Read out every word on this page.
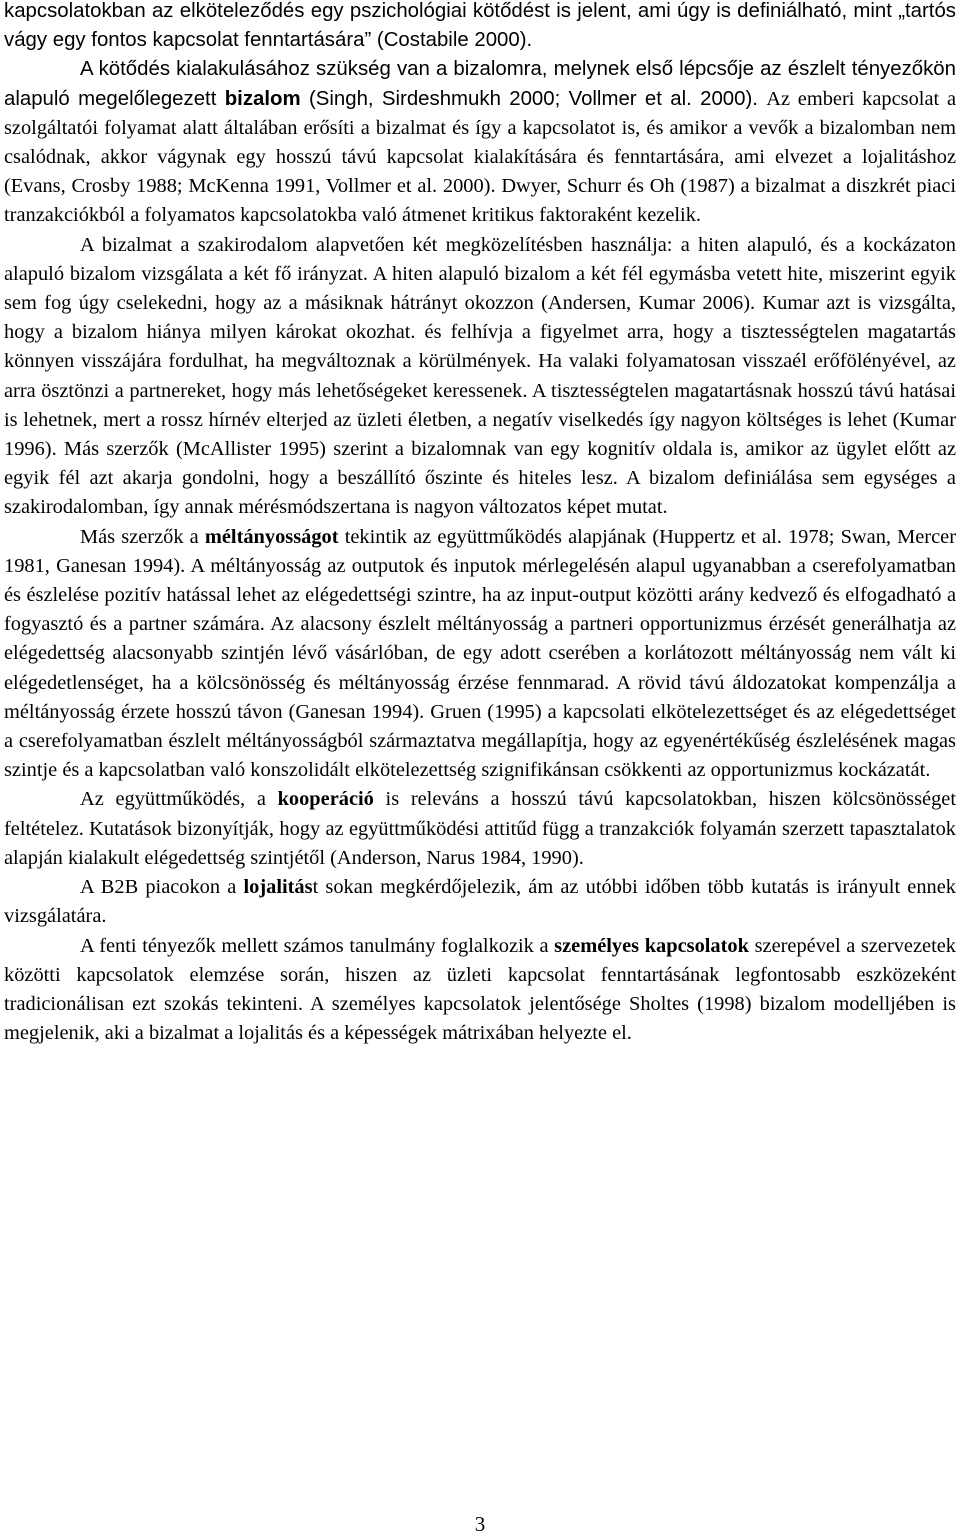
kapcsolatokban az elköteleződés egy pszichológiai kötődést is jelent, ami úgy is definiálható, mint „tartós vágy egy fontos kapcsolat fenntartására” (Costabile 2000).

A kötődés kialakulásához szükség van a bizalomra, melynek első lépcsője az észlelt tényezőkön alapuló megelőlegezett bizalom (Singh, Sirdeshmukh 2000; Vollmer et al. 2000). Az emberi kapcsolat a szolgáltatói folyamat alatt általában erősíti a bizalmat és így a kapcsolatot is, és amikor a vevők a bizalomban nem csalódnak, akkor vágynak egy hosszú távú kapcsolat kialakítására és fenntartására, ami elvezet a lojalitáshoz (Evans, Crosby 1988; McKenna 1991, Vollmer et al. 2000). Dwyer, Schurr és Oh (1987) a bizalmat a diszkrét piaci tranzakciókból a folyamatos kapcsolatokba való átmenet kritikus faktoraként kezelik.

A bizalmat a szakirodalom alapvetően két megközelítésben használja: a hiten alapuló, és a kockázaton alapuló bizalom vizsgálata a két fő irányzat. A hiten alapuló bizalom a két fél egymásba vetett hite, miszerint egyik sem fog úgy cselekedni, hogy az a másiknak hátrányt okozzon (Andersen, Kumar 2006). Kumar azt is vizsgálta, hogy a bizalom hiánya milyen károkat okozhat. és felhívja a figyelmet arra, hogy a tisztességtelen magatartás könnyen visszájára fordulhat, ha megváltoznak a körülmények. Ha valaki folyamatosan visszaél erőfölényével, az arra ösztönzi a partnereket, hogy más lehetőségeket keressenek. A tisztességtelen magatartásnak hosszú távú hatásai is lehetnek, mert a rossz hírnév elterjed az üzleti életben, a negatív viselkedés így nagyon költséges is lehet (Kumar 1996). Más szerzők (McAllister 1995) szerint a bizalomnak van egy kognitív oldala is, amikor az ügylet előtt az egyik fél azt akarja gondolni, hogy a beszállító őszinte és hiteles lesz. A bizalom definiálása sem egységes a szakirodalomban, így annak mérésmódszertana is nagyon változatos képet mutat.

Más szerzők a méltányosságot tekintik az együttműködés alapjának (Huppertz et al. 1978; Swan, Mercer 1981, Ganesan 1994). A méltányosság az outputok és inputok mérlegelésén alapul ugyanabban a cserefolyamatban és észlelése pozitív hatással lehet az elégedettségi szintre, ha az input-output közötti arány kedvező és elfogadható a fogyasztó és a partner számára. Az alacsony észlelt méltányosság a partneri opportunizmus érzését generálhatja az elégedettség alacsonyabb szintjén lévő vásárlóban, de egy adott cserében a korlátozott méltányosság nem vált ki elégedetlenséget, ha a kölcsönösség és méltányosság érzése fennmarad. A rövid távú áldozatokat kompenzálja a méltányosság érzete hosszú távon (Ganesan 1994). Gruen (1995) a kapcsolati elkötelezettséget és az elégedettséget a cserefolyamatban észlelt méltányosságból származtatva megállapítja, hogy az egyenértékűség észlelésének magas szintje és a kapcsolatban való konszolidált elkötelezettség szignifikánsan csökkenti az opportunizmus kockázatát.

Az együttműködés, a kooperáció is releváns a hosszú távú kapcsolatokban, hiszen kölcsönösséget feltételez. Kutatások bizonyítják, hogy az együttműködési attitűd függ a tranzakciók folyamán szerzett tapasztalatok alapján kialakult elégedettség szintjétől (Anderson, Narus 1984, 1990).

A B2B piacokon a lojalitást sokan megkérdőjelezik, ám az utóbbi időben több kutatás is irányult ennek vizsgálatára.

A fenti tényezők mellett számos tanulmány foglalkozik a személyes kapcsolatok szerepével a szervezetek közötti kapcsolatok elemzése során, hiszen az üzleti kapcsolat fenntartásának legfontosabb eszközeként tradicionálisan ezt szokás tekinteni. A személyes kapcsolatok jelentősége Sholtes (1998) bizalom modelljében is megjelenik, aki a bizalmat a lojalitás és a képességek mátrixában helyezte el.

3
